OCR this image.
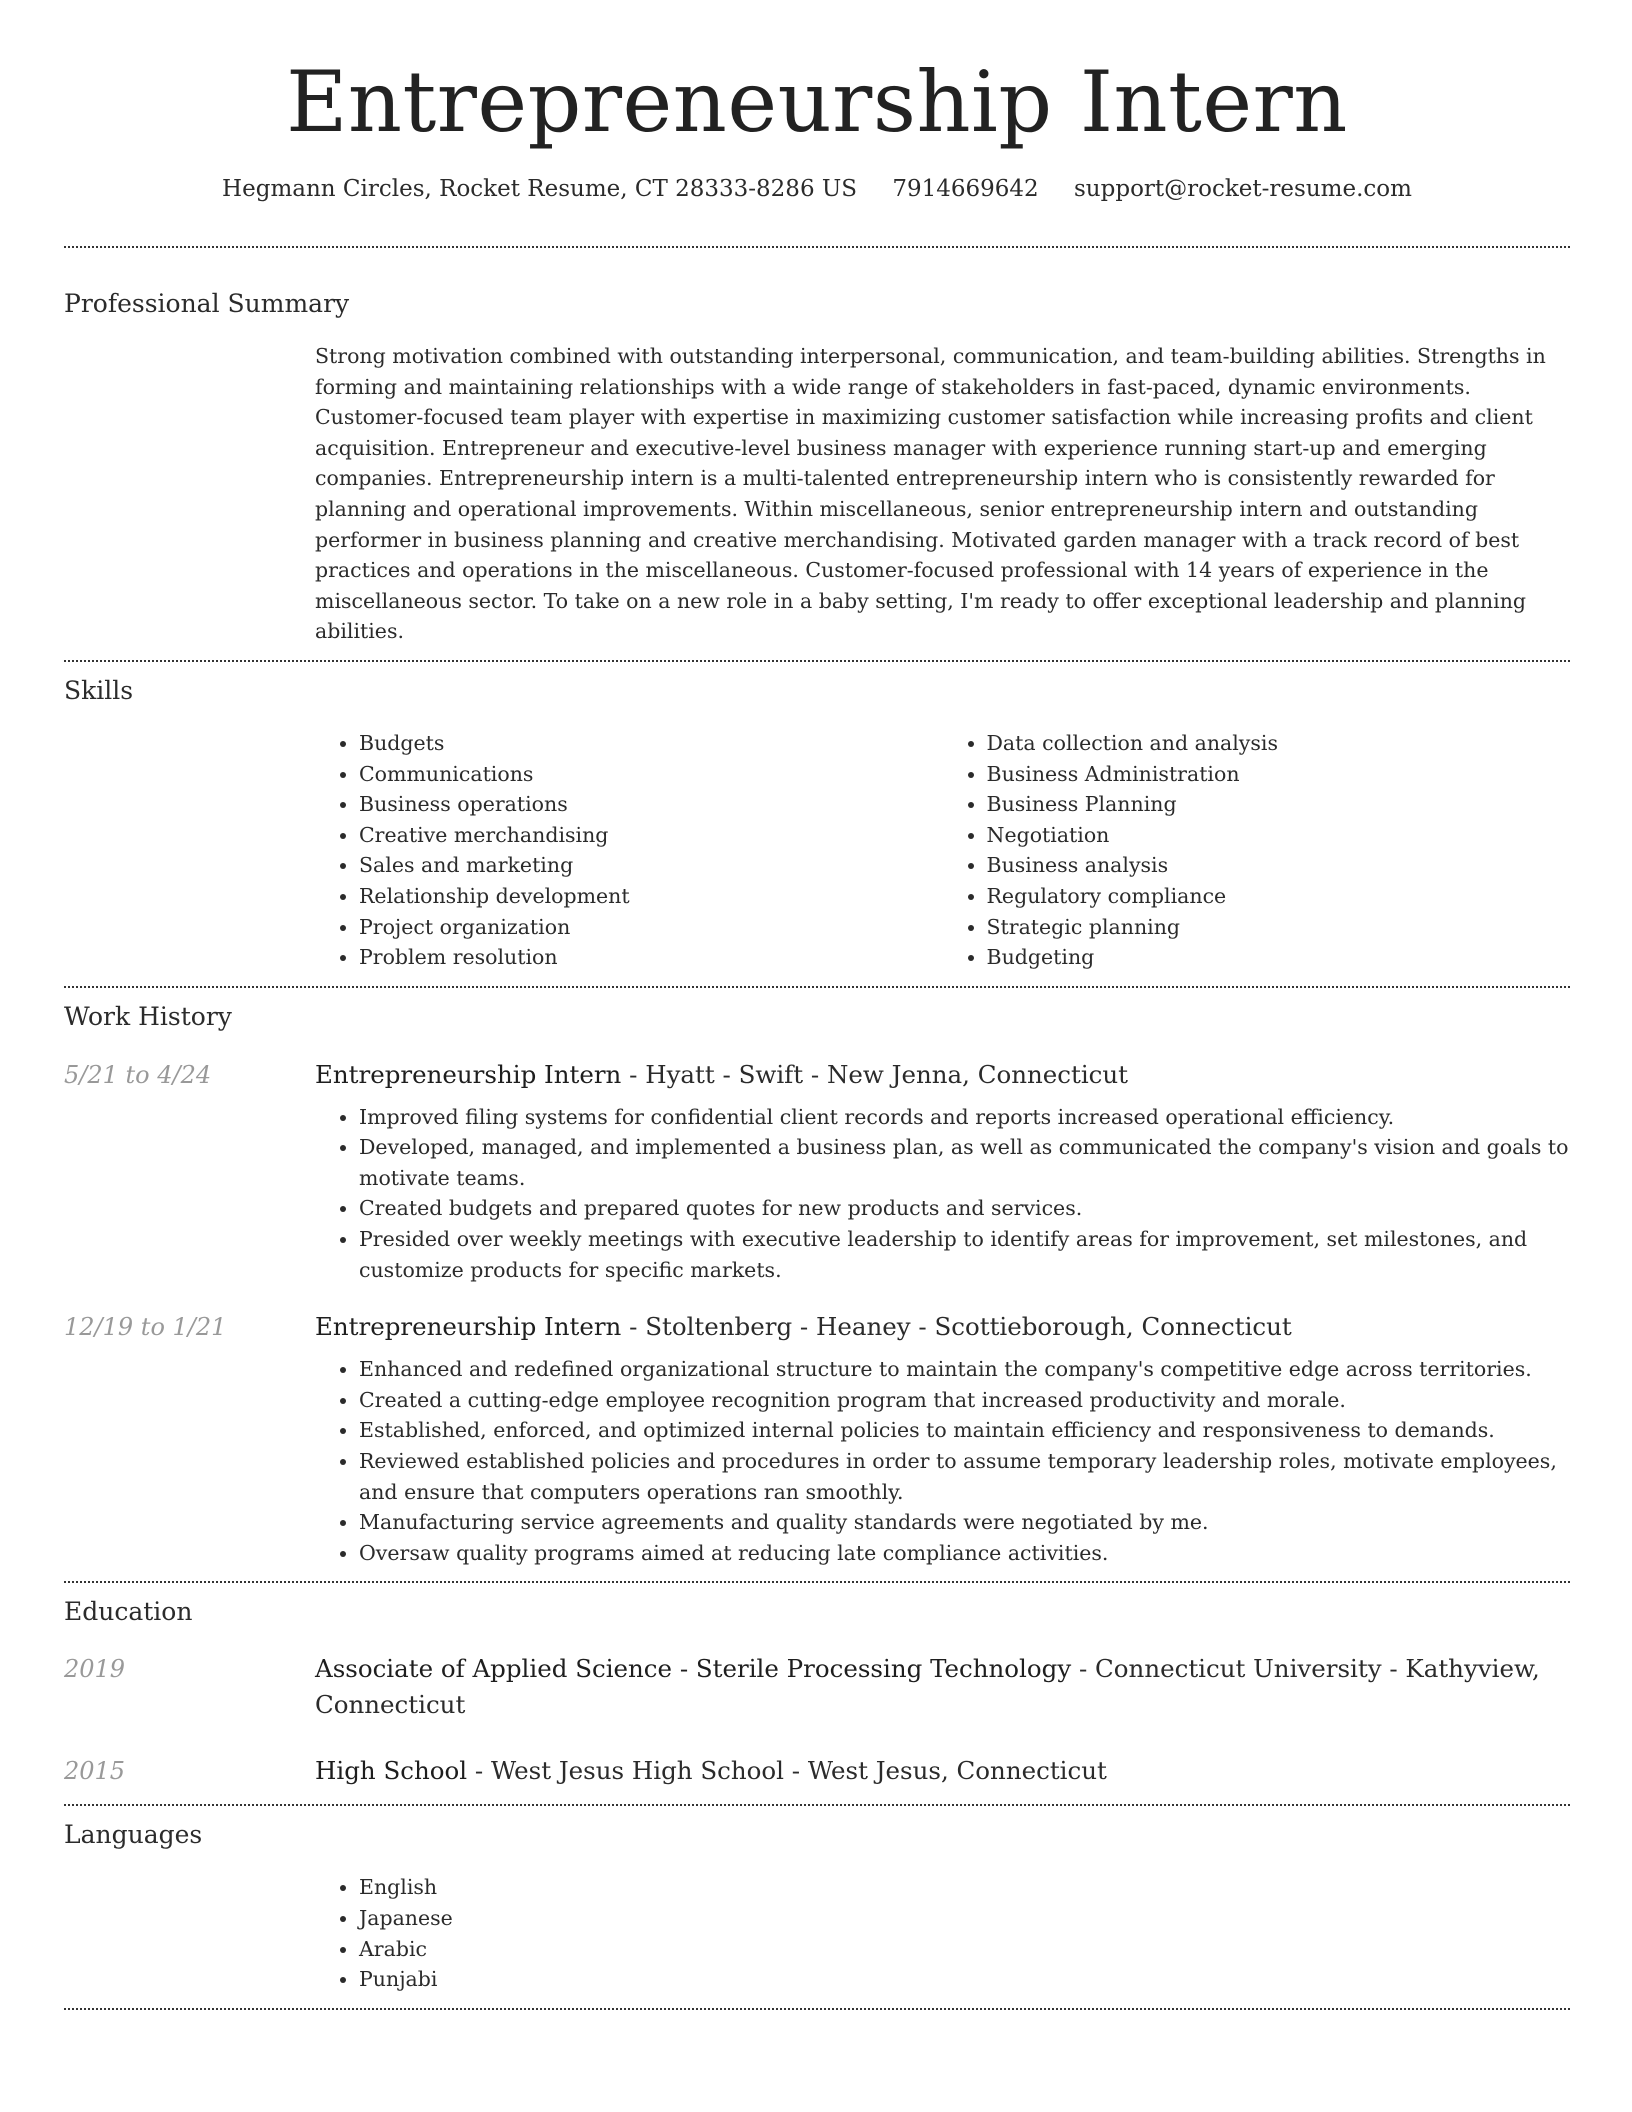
Entrepreneurship Intern
Hegmann Circles, Rocket Resume, CT 28333-8286 US 7914669642 support@rocket-resume.com
Professional Summary

Strong motivation combined with outstanding interpersonal, communication, and team-building abilities. Strengths in forming and maintaining relationships with a wide range of stakeholders in fast-paced, dynamic environments. Customer-focused team player with expertise in maximizing customer satisfaction while increasing profits and client acquisition. Entrepreneur and executive-level business manager with experience running start-up and emerging companies. Entrepreneurship intern is a multi-talented entrepreneurship intern who is consistently rewarded for planning and operational improvements. Within miscellaneous, senior entrepreneurship intern and outstanding performer in business planning and creative merchandising. Motivated garden manager with a track record of best practices and operations in the miscellaneous. Customer-focused professional with 14 years of experience in the miscellaneous sector. To take on a new role in a baby setting, I'm ready to offer exceptional leadership and planning abilities.

Skills
• Budgets
• Communications
• Business operations
• Creative merchandising
• Sales and marketing
• Relationship development
• Project organization
• Problem resolution
• Data collection and analysis
• Business Administration
• Business Planning
• Negotiation
• Business analysis
• Regulatory compliance
• Strategic planning
• Budgeting
Work History
5/21 to 4/24	Entrepreneurship Intern - Hyatt - Swift - New Jenna, Connecticut
• Improved filing systems for confidential client records and reports increased operational efficiency.
• Developed, managed, and implemented a business plan, as well as communicated the company's vision and goals to motivate teams.
• Created budgets and prepared quotes for new products and services.
• Presided over weekly meetings with executive leadership to identify areas for improvement, set milestones, and customize products for specific markets.
12/19 to 1/21	Entrepreneurship Intern - Stoltenberg - Heaney - Scottieborough, Connecticut
• Enhanced and redefined organizational structure to maintain the company's competitive edge across territories.
• Created a cutting-edge employee recognition program that increased productivity and morale.
• Established, enforced, and optimized internal policies to maintain efficiency and responsiveness to demands.
• Reviewed established policies and procedures in order to assume temporary leadership roles, motivate employees, and ensure that computers operations ran smoothly.
• Manufacturing service agreements and quality standards were negotiated by me.
• Oversaw quality programs aimed at reducing late compliance activities.
Education
2019	Associate of Applied Science - Sterile Processing Technology - Connecticut University - Kathyview, Connecticut
2015	High School - West Jesus High School - West Jesus, Connecticut
Languages
• English
• Japanese
• Arabic
• Punjabi
